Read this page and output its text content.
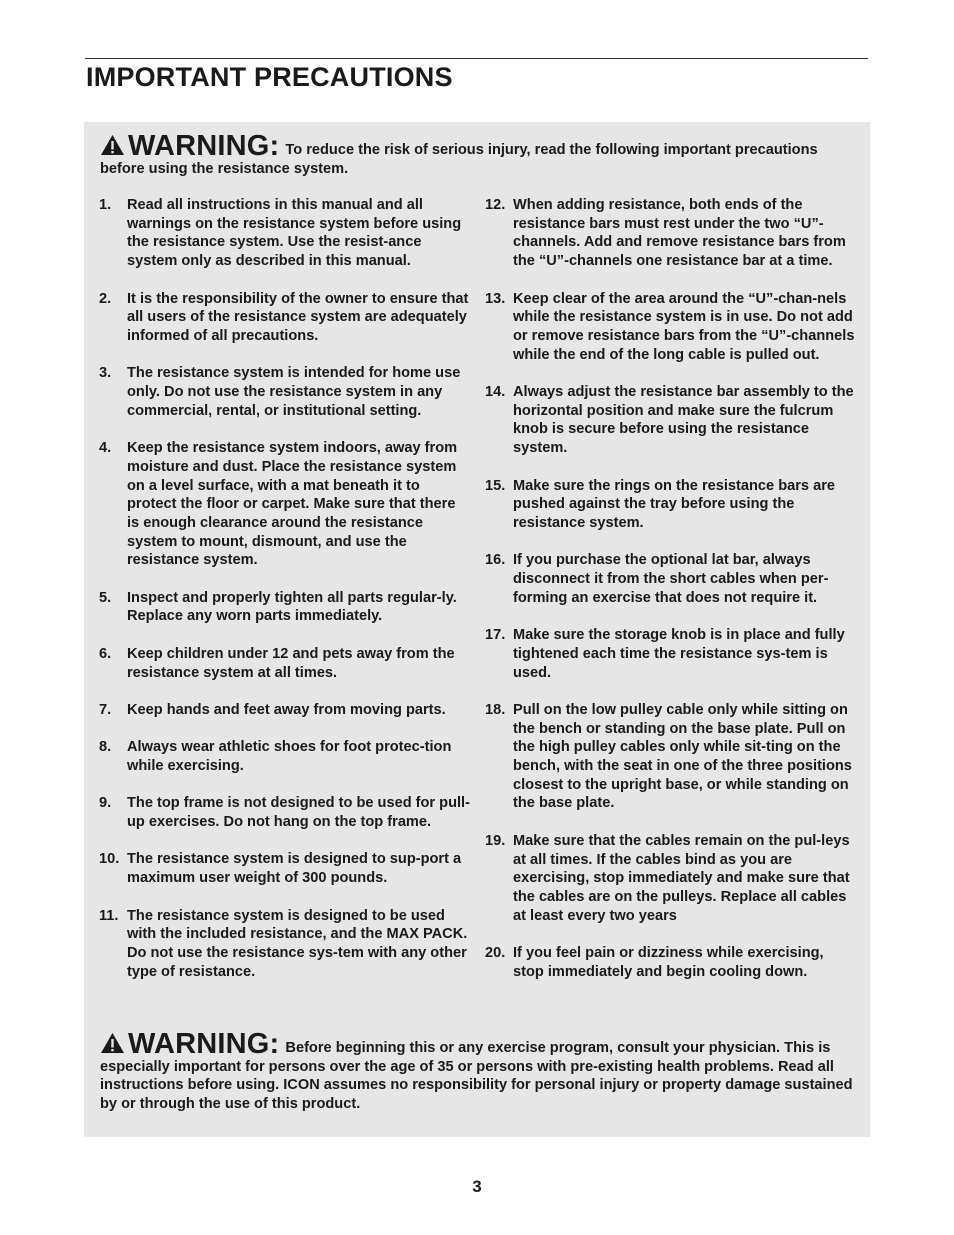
IMPORTANT PRECAUTIONS
WARNING: To reduce the risk of serious injury, read the following important precautions before using the resistance system.
1. Read all instructions in this manual and all warnings on the resistance system before using the resistance system. Use the resist-ance system only as described in this manual.
2. It is the responsibility of the owner to ensure that all users of the resistance system are adequately informed of all precautions.
3. The resistance system is intended for home use only. Do not use the resistance system in any commercial, rental, or institutional setting.
4. Keep the resistance system indoors, away from moisture and dust. Place the resistance system on a level surface, with a mat beneath it to protect the floor or carpet. Make sure that there is enough clearance around the resistance system to mount, dismount, and use the resistance system.
5. Inspect and properly tighten all parts regular-ly. Replace any worn parts immediately.
6. Keep children under 12 and pets away from the resistance system at all times.
7. Keep hands and feet away from moving parts.
8. Always wear athletic shoes for foot protec-tion while exercising.
9. The top frame is not designed to be used for pull-up exercises. Do not hang on the top frame.
10. The resistance system is designed to sup-port a maximum user weight of 300 pounds.
11. The resistance system is designed to be used with the included resistance, and the MAX PACK. Do not use the resistance sys-tem with any other type of resistance.
12. When adding resistance, both ends of the resistance bars must rest under the two “U”-channels. Add and remove resistance bars from the “U”-channels one resistance bar at a time.
13. Keep clear of the area around the “U”-chan-nels while the resistance system is in use. Do not add or remove resistance bars from the “U”-channels while the end of the long cable is pulled out.
14. Always adjust the resistance bar assembly to the horizontal position and make sure the fulcrum knob is secure before using the resistance system.
15. Make sure the rings on the resistance bars are pushed against the tray before using the resistance system.
16. If you purchase the optional lat bar, always disconnect it from the short cables when per-forming an exercise that does not require it.
17. Make sure the storage knob is in place and fully tightened each time the resistance sys-tem is used.
18. Pull on the low pulley cable only while sitting on the bench or standing on the base plate. Pull on the high pulley cables only while sit-ting on the bench, with the seat in one of the three positions closest to the upright base, or while standing on the base plate.
19. Make sure that the cables remain on the pul-leys at all times. If the cables bind as you are exercising, stop immediately and make sure that the cables are on the pulleys. Replace all cables at least every two years
20. If you feel pain or dizziness while exercising, stop immediately and begin cooling down.
WARNING: Before beginning this or any exercise program, consult your physician. This is especially important for persons over the age of 35 or persons with pre-existing health problems. Read all instructions before using. ICON assumes no responsibility for personal injury or property damage sustained by or through the use of this product.
3
